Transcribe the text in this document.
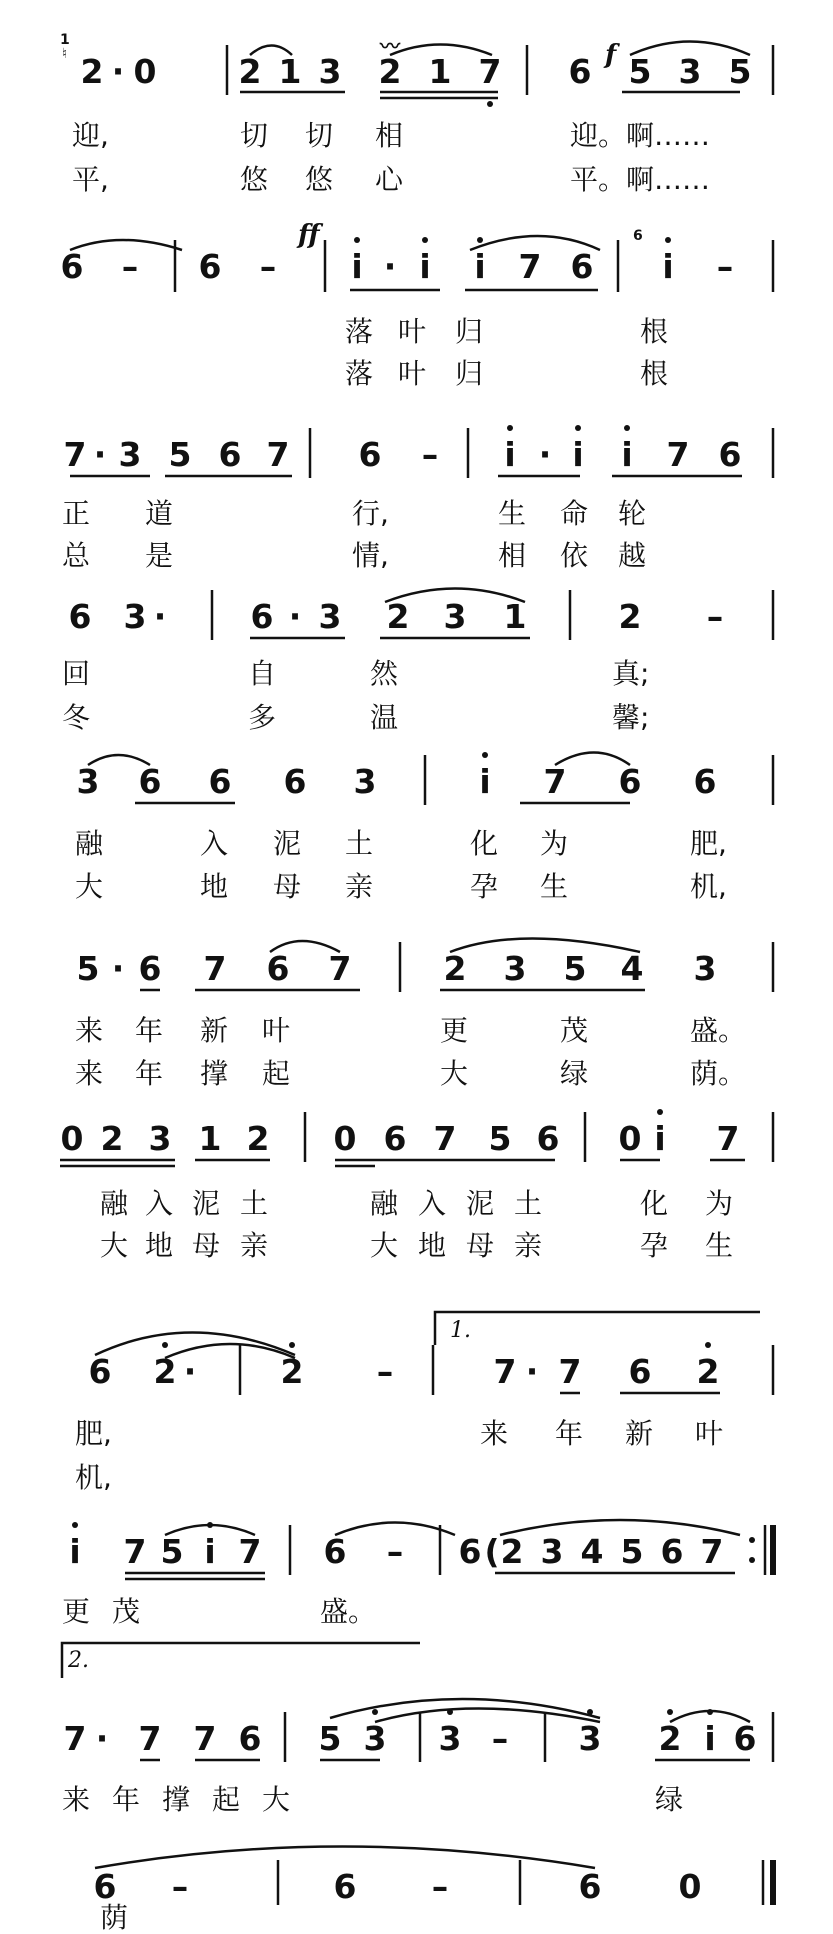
1
♮ 2 · 0 2 1 3 2 1 7
〰
6 f 5 3 5
迎,	切 切 相	迎。啊……
平,	悠 悠 心	平。啊……
6 – 6 –
ff
i · i i 7 6
6
i –
落 叶 归	根
落 叶 归	根
7 · 3 5 6 7 6 – i · i i 7 6
正 道	行,	生 命 轮
总 是	情,	相 依 越
6 3 ·	6 · 3 2 3 1	2 –
回	自	然	真;
冬	多	温	馨;
3 6 6 6 3	i 7 6 6
融	入 泥 土	化 为	肥,
大	地 母 亲	孕 生	机,
5 · 6 7 6 7	2 3 5 4 3
来 年 新 叶	更	茂	盛。
来 年 撑 起	大	绿	荫。
0 2 3 1 2 0 6 7 5 6 0 i 7
融 入 泥 土	融 入 泥 土	化 为
大 地 母 亲	大 地 母 亲	孕 生
6 2 ·	2 –
1.
7 · 7 6 2
肥,	来 年 新 叶
机,
i 7 5 i 7 6 – 6 ( 2 3 4 5 6 7
更 茂	盛。
2.
7 · 7 7 6 5 3 3 – 3 2 i 6
来 年 撑 起 大	绿
6 –	6 –	6 0
荫
